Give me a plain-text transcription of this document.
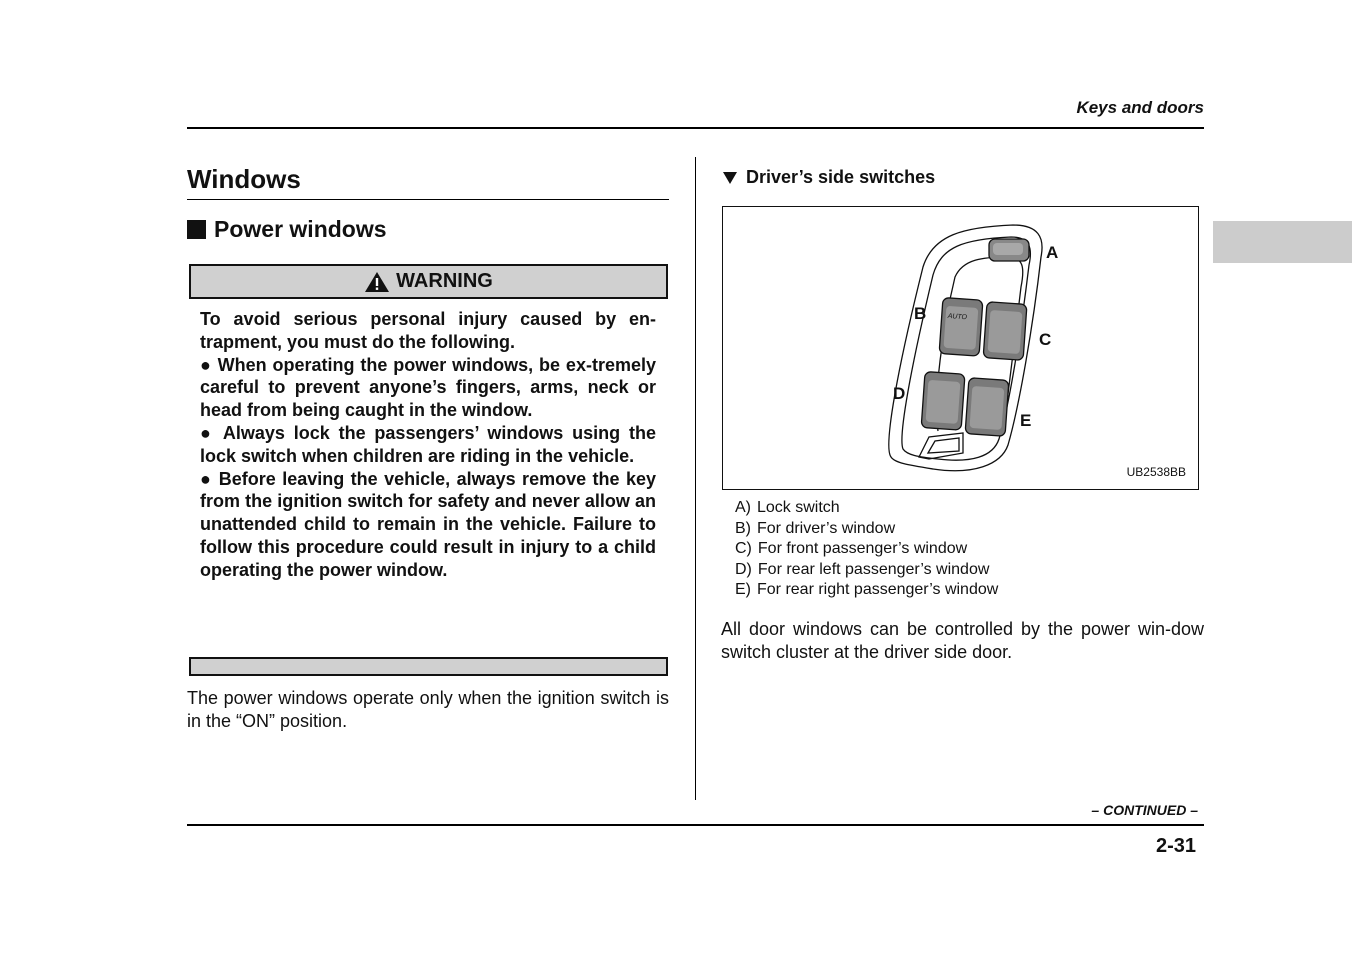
Keys and doors
Windows
Power windows
WARNING

To avoid serious personal injury caused by en-trapment, you must do the following.

● When operating the power windows, be ex-tremely careful to prevent anyone’s fingers, arms, neck or head from being caught in the window.

● Always lock the passengers’ windows using the lock switch when children are riding in the vehicle.

● Before leaving the vehicle, always remove the key from the ignition switch for safety and never allow an unattended child to remain in the vehicle. Failure to follow this procedure could result in injury to a child operating the power window.

The power windows operate only when the ignition switch is in the “ON” position.
Driver’s side switches
AUTO
A
B
C
D
E
UB2538BB
A) Lock switch
B) For driver’s window
C) For front passenger’s window
D) For rear left passenger’s window
E) For rear right passenger’s window
All door windows can be controlled by the power win-dow switch cluster at the driver side door.
– CONTINUED –
2-31
